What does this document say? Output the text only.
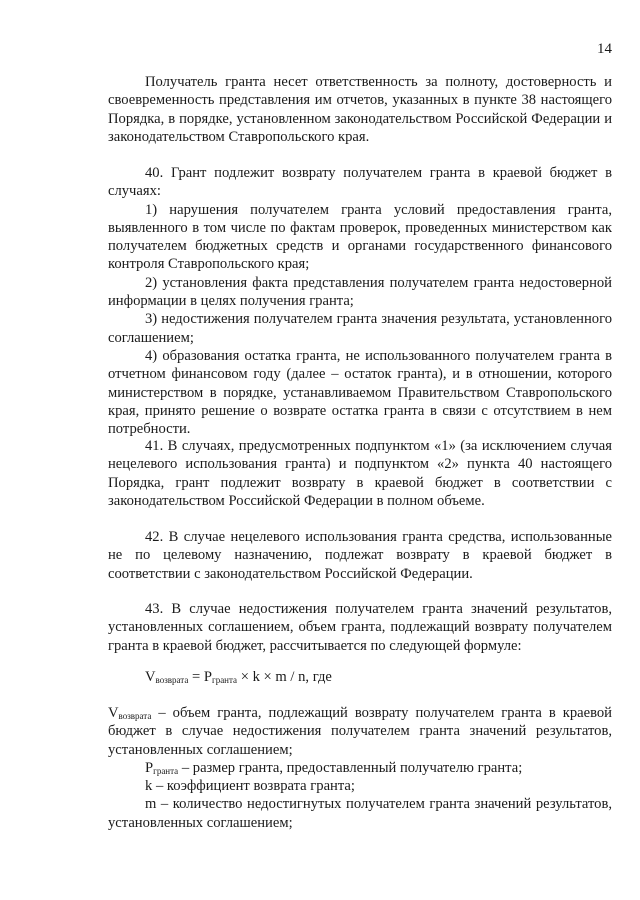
14

Получатель гранта несет ответственность за полноту, достоверность и своевременность представления им отчетов, указанных в пункте 38 настоящего Порядка, в порядке, установленном законодательством Российской Федерации и законодательством Ставропольского края.

40. Грант подлежит возврату получателем гранта в краевой бюджет в случаях:

1) нарушения получателем гранта условий предоставления гранта, выявленного в том числе по фактам проверок, проведенных министерством как получателем бюджетных средств и органами государственного финансового контроля Ставропольского края;

2) установления факта представления получателем гранта недостоверной информации в целях получения гранта;

3) недостижения получателем гранта значения результата, установленного соглашением;

4) образования остатка гранта, не использованного получателем гранта в отчетном финансовом году (далее – остаток гранта), и в отношении, которого министерством в порядке, устанавливаемом Правительством Ставропольского края, принято решение о возврате остатка гранта в связи с отсутствием в нем потребности.

41. В случаях, предусмотренных подпунктом «1» (за исключением случая нецелевого использования гранта) и подпунктом «2» пункта 40 настоящего Порядка, грант подлежит возврату в краевой бюджет в соответствии с законодательством Российской Федерации в полном объеме.

42. В случае нецелевого использования гранта средства, использованные не по целевому назначению, подлежат возврату в краевой бюджет в соответствии с законодательством Российской Федерации.

43. В случае недостижения получателем гранта значений результатов, установленных соглашением, объем гранта, подлежащий возврату получателем гранта в краевой бюджет, рассчитывается по следующей формуле:

$V_{возврата} = P_{гранта} \times k \times m / n$, где

$V_{возврата}$ – объем гранта, подлежащий возврату получателем гранта в краевой бюджет в случае недостижения получателем гранта значений результатов, установленных соглашением;

$P_{гранта}$ – размер гранта, предоставленный получателю гранта;

k – коэффициент возврата гранта;

m – количество недостигнутых получателем гранта значений результатов, установленных соглашением;
